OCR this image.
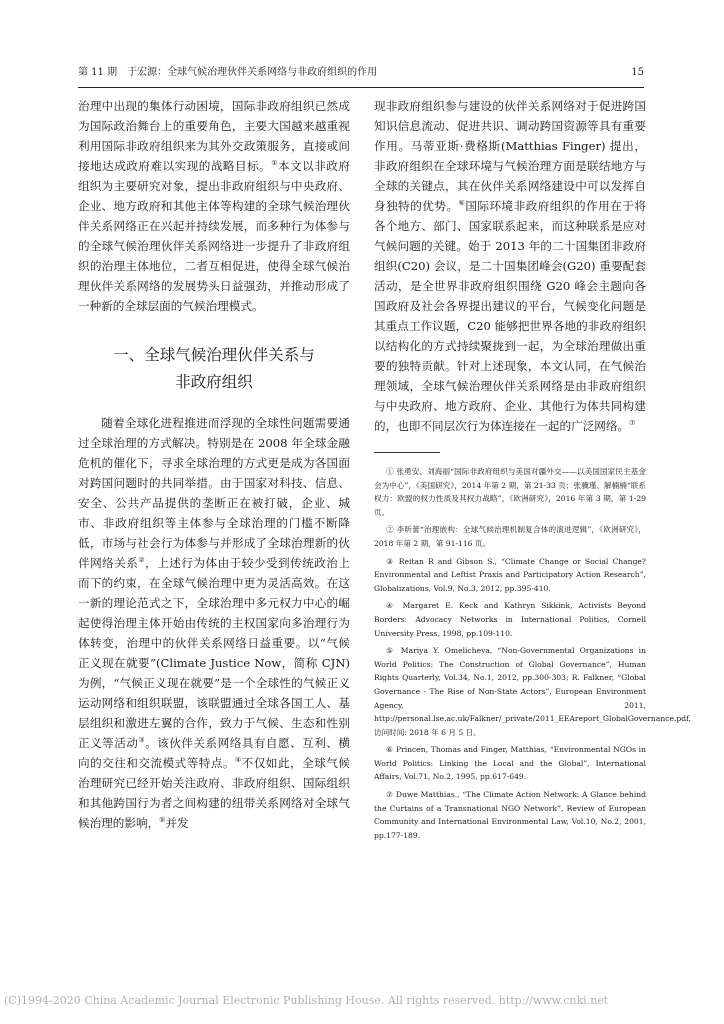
第 11 期　于宏源：全球气候治理伙伴关系网络与非政府组织的作用	15

治理中出现的集体行动困境，国际非政府组织已然成为国际政治舞台上的重要角色，主要大国越来越重视利用国际非政府组织来为其外交政策服务，直接或间接地达成政府难以实现的战略目标。①本文以非政府组织为主要研究对象，提出非政府组织与中央政府、企业、地方政府和其他主体等构建的全球气候治理伙伴关系网络正在兴起并持续发展，而多种行为体参与的全球气候治理伙伴关系网络进一步提升了非政府组织的治理主体地位，二者互相促进，使得全球气候治理伙伴关系网络的发展势头日益强劲，并推动形成了一种新的全球层面的气候治理模式。

一、全球气候治理伙伴关系与
非政府组织

随着全球化进程推进而浮现的全球性问题需要通过全球治理的方式解决。特别是在 2008 年全球金融危机的催化下，寻求全球治理的方式更是成为各国面对跨国问题时的共同举措。由于国家对科技、信息、安全、公共产品提供的垄断正在被打破，企业、城市、非政府组织等主体参与全球治理的门槛不断降低，市场与社会行为体参与并形成了全球治理新的伙伴网络关系②，上述行为体由于较少受到传统政治上而下的约束，在全球气候治理中更为灵活高效。在这一新的理论范式之下，全球治理中多元权力中心的崛起使得治理主体开始由传统的主权国家向多治理行为体转变，治理中的伙伴关系网络日益重要。以“气候正义现在就要”(Climate Justice Now，简称 CJN) 为例，“气候正义现在就要”是一个全球性的气候正义运动网络和组织联盟，该联盟通过全球各国工人、基层组织和激进左翼的合作，致力于气候、生态和性别正义等活动③。该伙伴关系网络具有自愿、互利、横向的交往和交流模式等特点。④不仅如此，全球气候治理研究已经开始关注政府、非政府组织、国际组织和其他跨国行为者之间构建的纽带关系网络对全球气候治理的影响，⑤并发

现非政府组织参与建设的伙伴关系网络对于促进跨国知识信息流动、促进共识、调动跨国资源等具有重要作用。马蒂亚斯·费格斯(Matthias Finger) 提出，非政府组织在全球环境与气候治理方面是联结地方与全球的关键点，其在伙伴关系网络建设中可以发挥自身独特的优势。⑥国际环境非政府组织的作用在于将各个地方、部门、国家联系起来，而这种联系是应对气候问题的关键。始于 2013 年的二十国集团非政府组织(C20) 会议，是二十国集团峰会(G20) 重要配套活动，是全世界非政府组织围绕 G20 峰会主题向各国政府及社会各界提出建议的平台，气候变化问题是其重点工作议题，C20 能够把世界各地的非政府组织以结构化的方式持续聚拢到一起，为全球治理做出重要的独特贡献。针对上述现象，本文认同，在气候治理领域，全球气候治理伙伴关系网络是由非政府组织与中央政府、地方政府、企业、其他行为体共同构建的，也即不同层次行为体连接在一起的广泛网络。⑦

① 张勇安、刘海丽“国际非政府组织与美国对疆外交——以美国国家民主基金会为中心”，《美国研究》，2014 年第 2 期，第 21-33 页；张骥瑾、解楠楠“联系权力：欧盟的权力性质及其权力战略”，《欧洲研究》，2016 年第 3 期，第 1-29 页。

② 李昕蕾“治理嵌构：全球气候治理机制复合体的演进逻辑”，《欧洲研究》，2018 年第 2 期，第 91-116 页。

③ Reitan R and Gibson S., “Climate Change or Social Change? Environmental and Leftist Praxis and Participatory Action Research”, Globalizations, Vol.9, No.3, 2012, pp.395-410.

④ Margaret E. Keck and Kathryn Sikkink, Activists Beyond Borders: Advocacy Networks in International Politics, Cornell University Press, 1998, pp.109-110.

⑤ Mariya Y. Omelicheva, “Non-Governmental Organizations in World Politics: The Construction of Global Governance”, Human Rights Quarterly, Vol.34, No.1, 2012, pp.300-303; R. Falkner, “Global Governance - The Rise of Non-State Actors”, European Environment Agency, 2011, http://personal.lse.ac.uk/Falkner/_private/2011_EEAreport_GlobalGovernance.pdf, 访问时间: 2018 年 6 月 5 日。

⑥ Princen, Thomas and Finger, Matthias, “Environmental NGOs in World Politics: Linking the Local and the Global”, International Affairs, Vol.71, No.2, 1995, pp.617-649.

⑦ Duwe Matthias., “The Climate Action Network: A Glance behind the Curtains of a Transnational NGO Network”, Review of European Community and International Environmental Law, Vol.10, No.2, 2001, pp.177-189.

(C)1994-2020 China Academic Journal Electronic Publishing House. All rights reserved. http://www.cnki.net
